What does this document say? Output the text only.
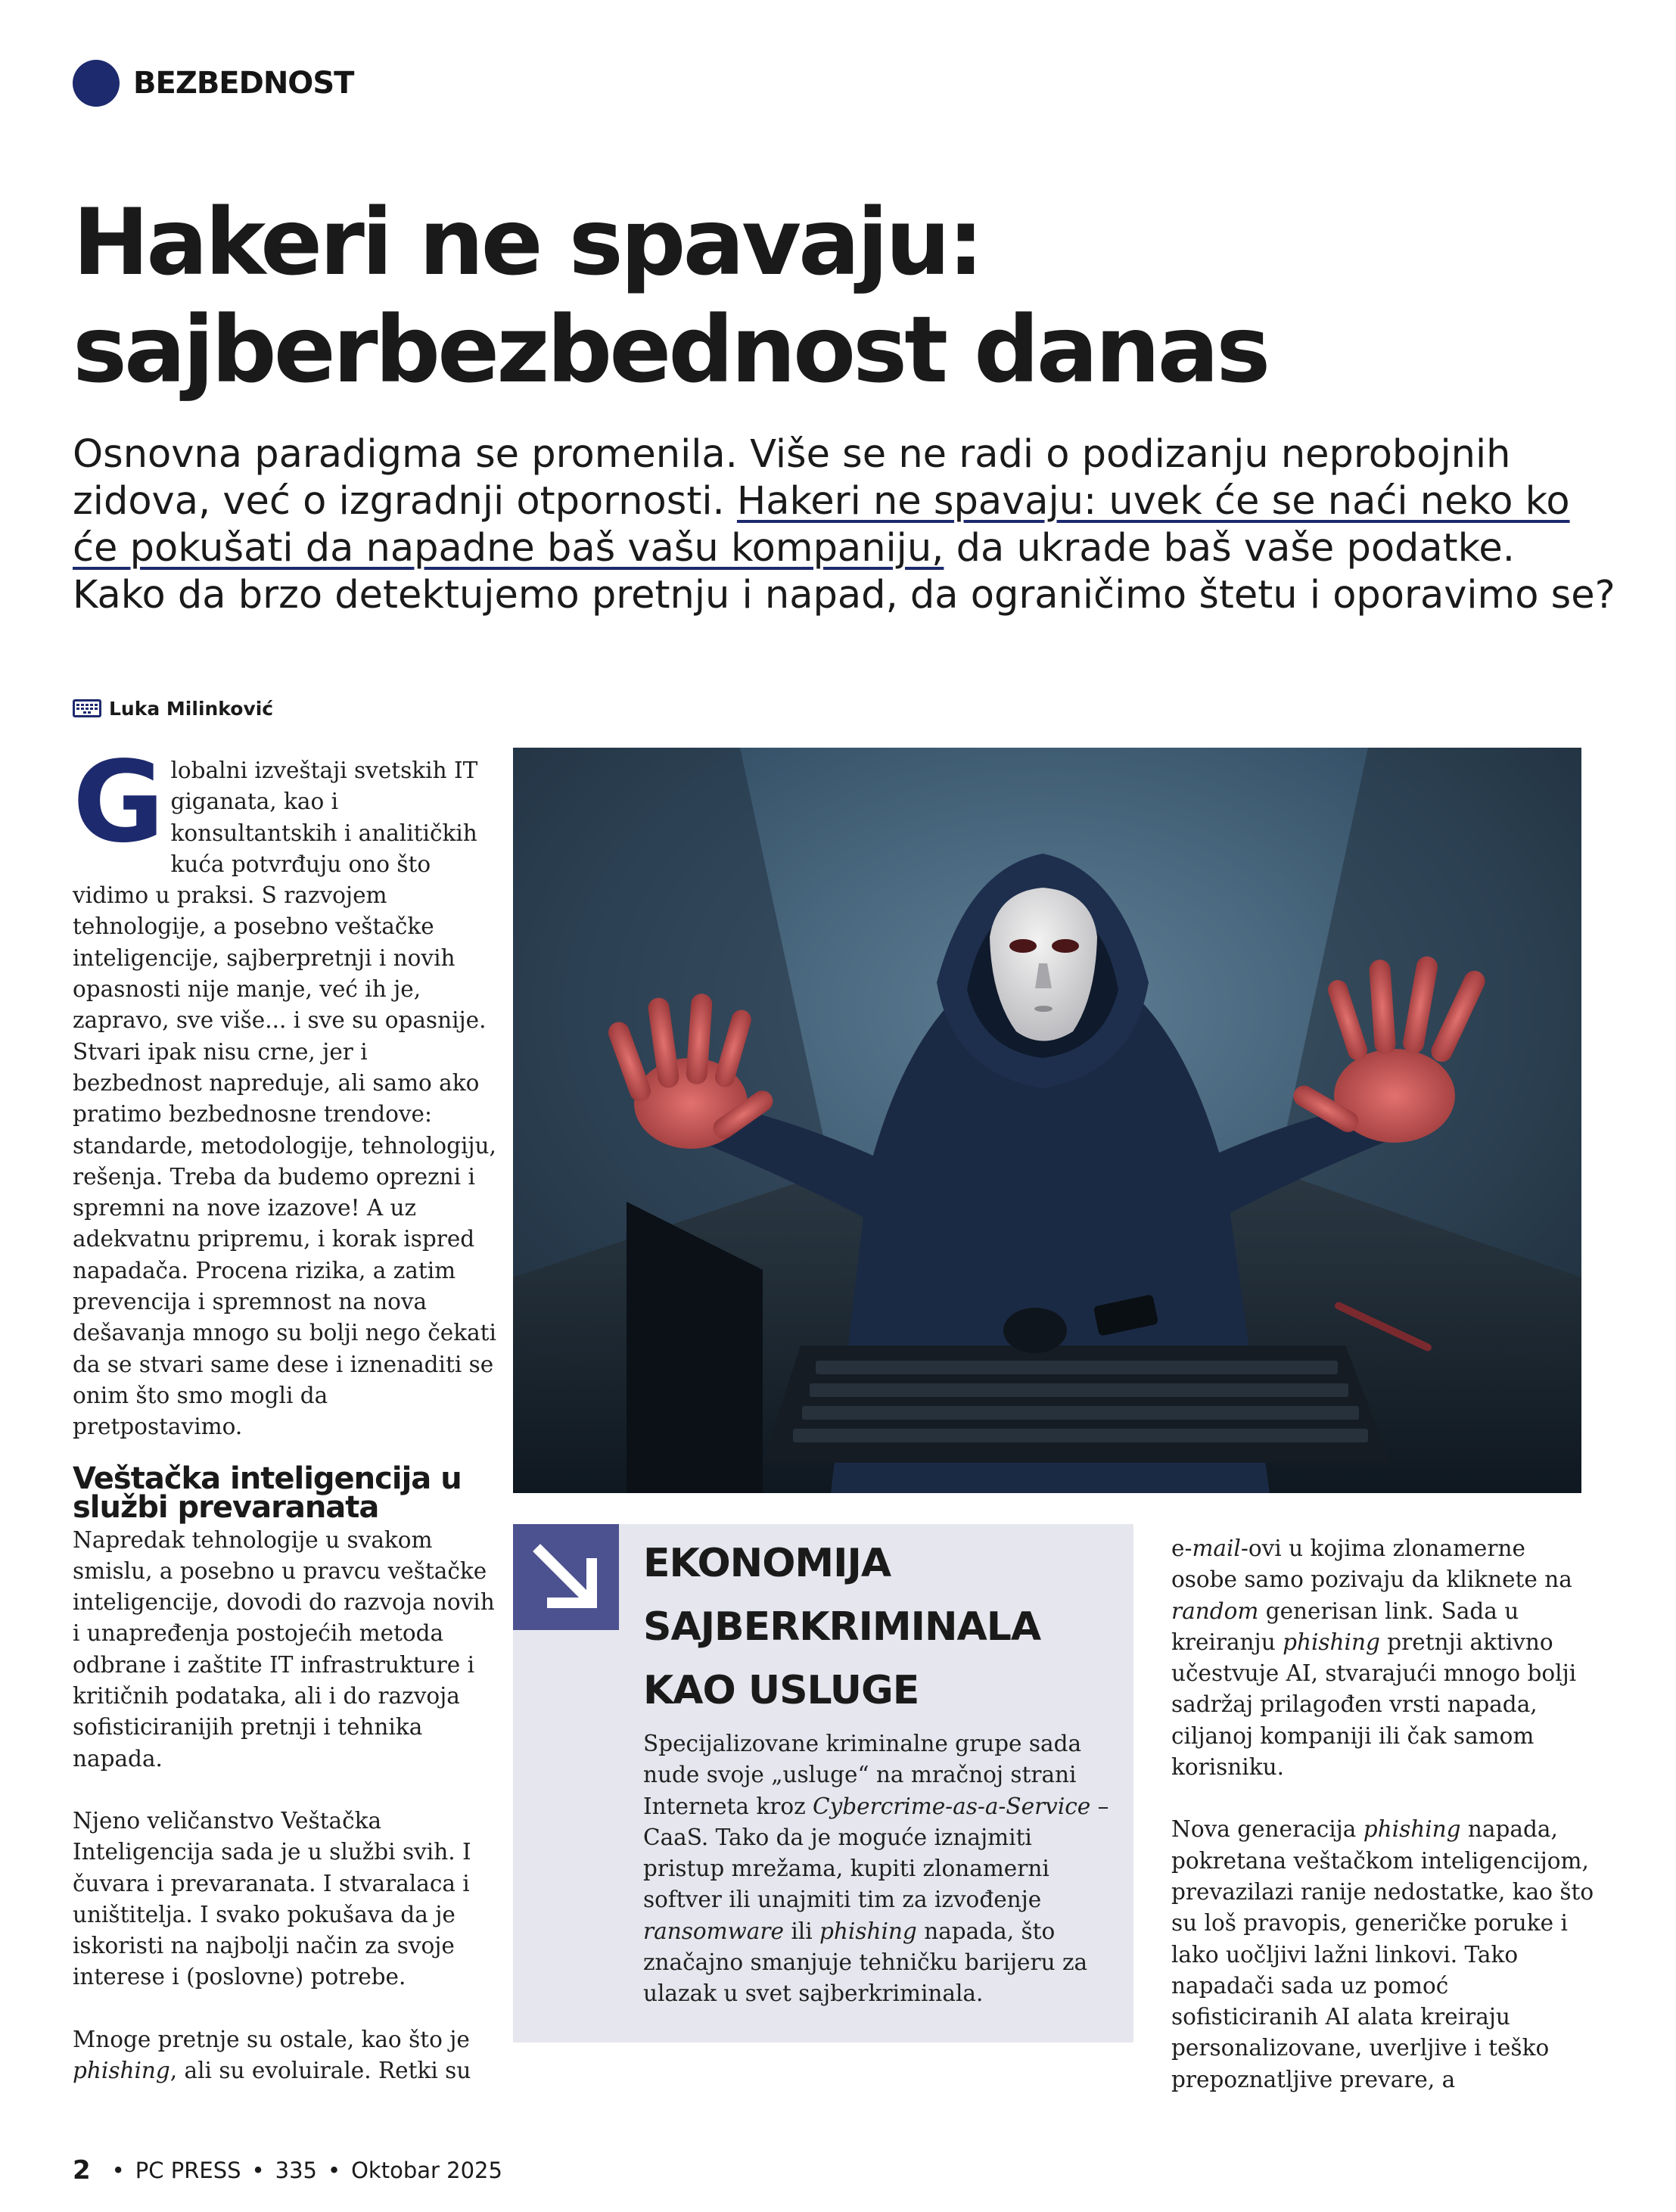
BEZBEDNOST
Hakeri ne spavaju:
sajberbezbednost danas

Osnovna paradigma se promenila. Više se ne radi o podizanju neprobojnih zidova, već o izgradnji otpornosti. Hakeri ne spavaju: uvek će se naći neko ko će pokušati da napadne baš vašu kompaniju, da ukrade baš vaše podatke. Kako da brzo detektujemo pretnju i napad, da ograničimo štetu i oporavimo se?

Luka Milinković

Globalni izveštaji svetskih IT giganata, kao i konsultantskih i analitičkih kuća potvrđuju ono što vidimo u praksi. S razvojem tehnologije, a posebno veštačke inteligencije, sajberpretnji i novih opasnosti nije manje, već ih je, zapravo, sve više... i sve su opasnije. Stvari ipak nisu crne, jer i bezbednost napreduje, ali samo ako pratimo bezbednosne trendove: standarde, metodologije, tehnologiju, rešenja. Treba da budemo oprezni i spremni na nove izazove! A uz adekvatnu pripremu, i korak ispred napadača. Procena rizika, a zatim prevencija i spremnost na nova dešavanja mnogo su bolji nego čekati da se stvari same dese i iznenaditi se onim što smo mogli da pretpostavimo.

Veštačka inteligencija u službi prevaranata

Napredak tehnologije u svakom smislu, a posebno u pravcu veštačke inteligencije, dovodi do razvoja novih i unapređenja postojećih metoda odbrane i zaštite IT infrastrukture i kritičnih podataka, ali i do razvoja sofisticiranijih pretnji i tehnika napada.

Njeno veličanstvo Veštačka Inteligencija sada je u službi svih. I čuvara i prevaranata. I stvaralaca i uništitelja. I svako pokušava da je iskoristi na najbolji način za svoje interese i (poslovne) potrebe.

Mnoge pretnje su ostale, kao što je phishing, ali su evoluirale. Retki su

EKONOMIJA
SAJBERKRIMINALA
KAO USLUGE

Specijalizovane kriminalne grupe sada nude svoje „usluge“ na mračnoj strani Interneta kroz Cybercrime-as-a-Service – CaaS. Tako da je moguće iznajmiti pristup mrežama, kupiti zlonamerni softver ili unajmiti tim za izvođenje ransomware ili phishing napada, što značajno smanjuje tehničku barijeru za ulazak u svet sajberkriminala.

e-mail-ovi u kojima zlonamerne osobe samo pozivaju da kliknete na random generisan link. Sada u kreiranju phishing pretnji aktivno učestvuje AI, stvarajući mnogo bolji sadržaj prilagođen vrsti napada, ciljanoj kompaniji ili čak samom korisniku.

Nova generacija phishing napada, pokretana veštačkom inteligencijom, prevazilazi ranije nedostatke, kao što su loš pravopis, generičke poruke i lako uočljivi lažni linkovi. Tako napadači sada uz pomoć sofisticiranih AI alata kreiraju personalizovane, uverljive i teško prepoznatljive prevare, a

2 • PC PRESS • 335 • Oktobar 2025
